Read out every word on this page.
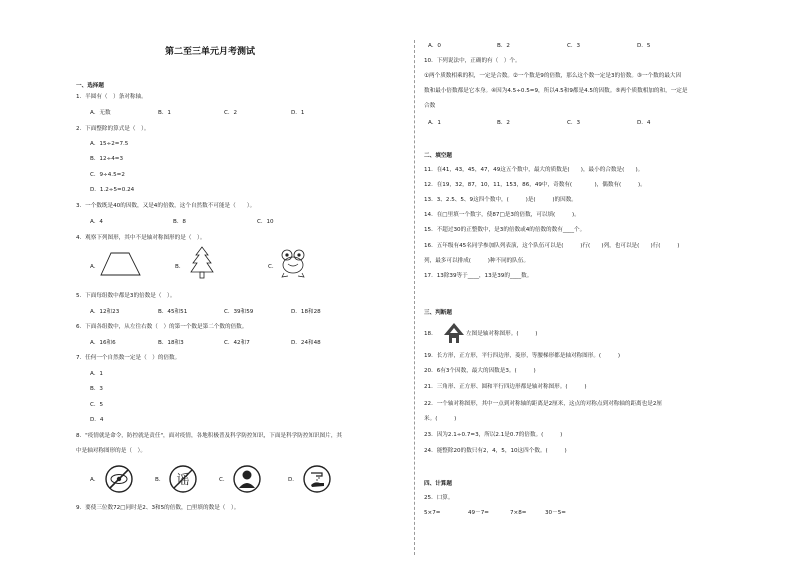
第二至三单元月考测试
一、选择题
1．半圆有（　）条对称轴。
A．无数	B．1	C．2	D．1
2．下面整除的算式是（　）。
A．15÷2=7.5
B．12÷4=3
C．9÷4.5=2
D．1.2÷5=0.24
3．一个数既是40的因数，又是4的倍数，这个自然数不可能是（　　）。
A．4	B．8	C．10
4．观察下列图形，其中不是轴对称图形的是（　）。
A．	B．	C．
5．下面每组数中都是3的倍数是（　）。
A．12和23	B．45和51	C．39和59	D．18和28
6．下面各组数中，从左往右数（　）的第一个数是第二个数的倍数。
A．16和6	B．18和3	C．42和7	D．24和48
7．任何一个自然数一定是（　）的倍数。
A．1
B．3
C．5
D．4
8．"疫情就是命令，防控就是责任"，面对疫情，各地积极普及科学防控知识，下面是科学防控知识图片，其
中是轴对称图形的是（　）。
A．	B． 谣	C．	D．
9．要使三位数72□同时是2、3和5的倍数，□里填的数是（　）。
A．0	B．2	C．3	D．5
10．下列说法中，正确的有（　）个。
①两个质数相乘的积，一定是合数。②一个数是9的倍数，那么这个数一定是3的倍数。③一个数的最大因
数和最小倍数都是它本身。④因为4.5÷0.5=9，所以4.5和9都是4.5的因数。⑤两个质数相加的和，一定是
合数
A．1	B．2	C．3	D．4
二、填空题
11．在41，43，45，47，49这五个数中，最大的质数是(　　)，最小的合数是(　　)。
12．在19，32，87，10，11，153，86，49中，奇数有(　　　　)，偶数有(　　　)。
13．3、2.5、5、9这四个数中，(　　　)是(　　　)的因数。
14．在□里填一个数字，使87□是3的倍数，可以填(　　　)。
15．不超过30的正整数中，是3的倍数或4的倍数的数有____个。
16．五年级有45名同学参加队列表演，这个队伍可以是(　　　)行(　　)列，也可以是(　　)行(　　　)
列，最多可以排成(　　　)种不同的队伍。
17．13除39等于____，13是39的____数。
三、判断题
18．	左图是轴对称图形。(　　　)
19．长方形，正方形，平行四边形，菱形，等腰梯形都是轴对称图形。(　　　)
20．6有3个因数，最大的因数是3。(　　　)
21．三角形、正方形、圆和平行四边形都是轴对称图形。(　　　)
22．一个轴对称图形，其中一点到对称轴的距离是2厘米，这点的对称点到对称轴的距离也是2厘
米。(　　　)
23．因为2.1÷0.7=3，所以2.1是0.7的倍数。(　　　)
24．能整除20的数只有2，4，5，10这四个数。(　　　)
四、计算题
25．口算。
5×7=	49－7=	7×8=	30－5=
